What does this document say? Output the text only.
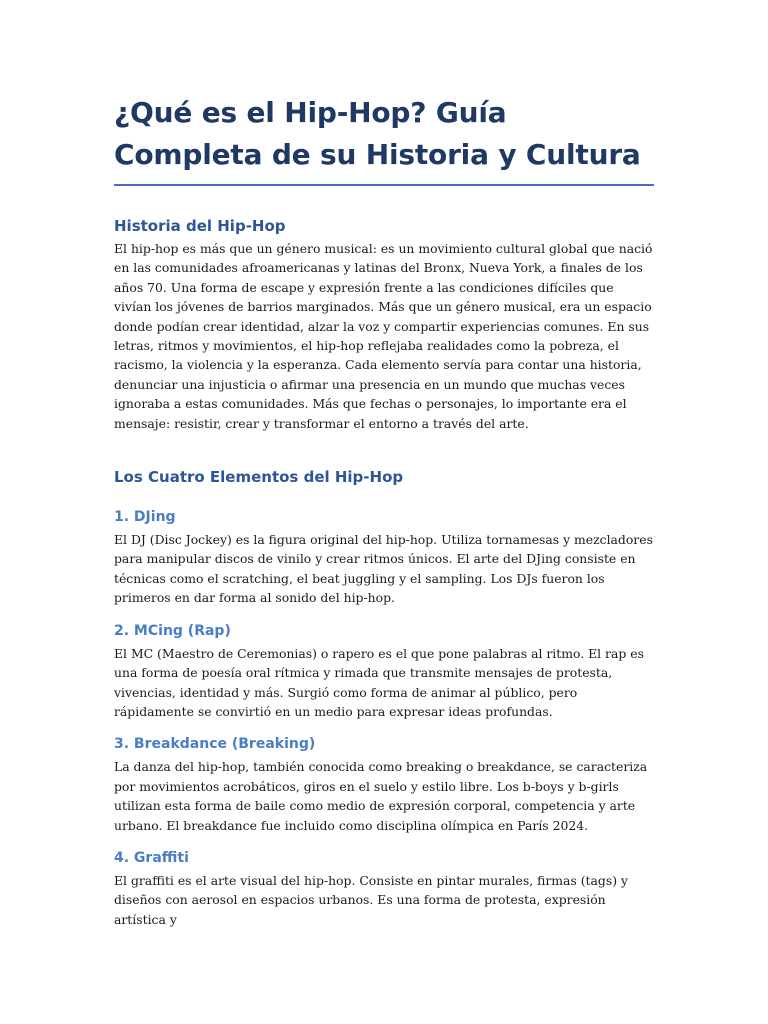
¿Qué es el Hip-Hop? Guía Completa de su Historia y Cultura
Historia del Hip-Hop

El hip-hop es más que un género musical: es un movimiento cultural global que nació en las comunidades afroamericanas y latinas del Bronx, Nueva York, a finales de los años 70. Una forma de escape y expresión frente a las condiciones difíciles que vivían los jóvenes de barrios marginados. Más que un género musical, era un espacio donde podían crear identidad, alzar la voz y compartir experiencias comunes. En sus letras, ritmos y movimientos, el hip-hop reflejaba realidades como la pobreza, el racismo, la violencia y la esperanza. Cada elemento servía para contar una historia, denunciar una injusticia o afirmar una presencia en un mundo que muchas veces ignoraba a estas comunidades. Más que fechas o personajes, lo importante era el mensaje: resistir, crear y transformar el entorno a través del arte.

Los Cuatro Elementos del Hip-Hop
1. DJing

El DJ (Disc Jockey) es la figura original del hip-hop. Utiliza tornamesas y mezcladores para manipular discos de vinilo y crear ritmos únicos. El arte del DJing consiste en técnicas como el scratching, el beat juggling y el sampling. Los DJs fueron los primeros en dar forma al sonido del hip-hop.

2. MCing (Rap)

El MC (Maestro de Ceremonias) o rapero es el que pone palabras al ritmo. El rap es una forma de poesía oral rítmica y rimada que transmite mensajes de protesta, vivencias, identidad y más. Surgió como forma de animar al público, pero rápidamente se convirtió en un medio para expresar ideas profundas.

3. Breakdance (Breaking)

La danza del hip-hop, también conocida como breaking o breakdance, se caracteriza por movimientos acrobáticos, giros en el suelo y estilo libre. Los b-boys y b-girls utilizan esta forma de baile como medio de expresión corporal, competencia y arte urbano. El breakdance fue incluido como disciplina olímpica en París 2024.

4. Graffiti

El graffiti es el arte visual del hip-hop. Consiste en pintar murales, firmas (tags) y diseños con aerosol en espacios urbanos. Es una forma de protesta, expresión artística y
